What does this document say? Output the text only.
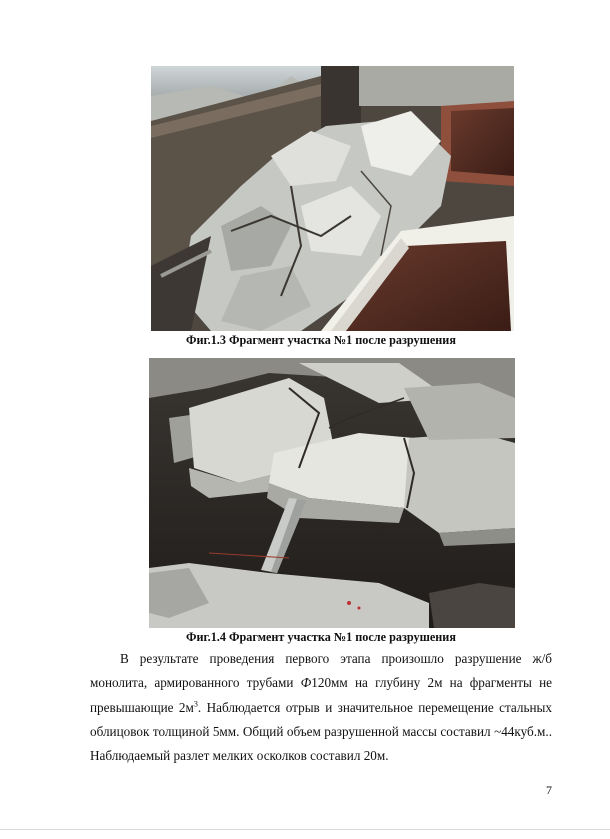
Фиг.1.3 Фрагмент участка №1 после разрушения
Фиг.1.4 Фрагмент участка №1 после разрушения

В результате проведения первого этапа произошло разрушение ж/б монолита, армированного трубами Ф120мм на глубину 2м на фрагменты не превышающие $2м^3$. Наблюдается отрыв и значительное перемещение стальных облицовок толщиной 5мм. Общий объем разрушенной массы составил ~44куб.м.. Наблюдаемый разлет мелких осколков составил 20м.

7
